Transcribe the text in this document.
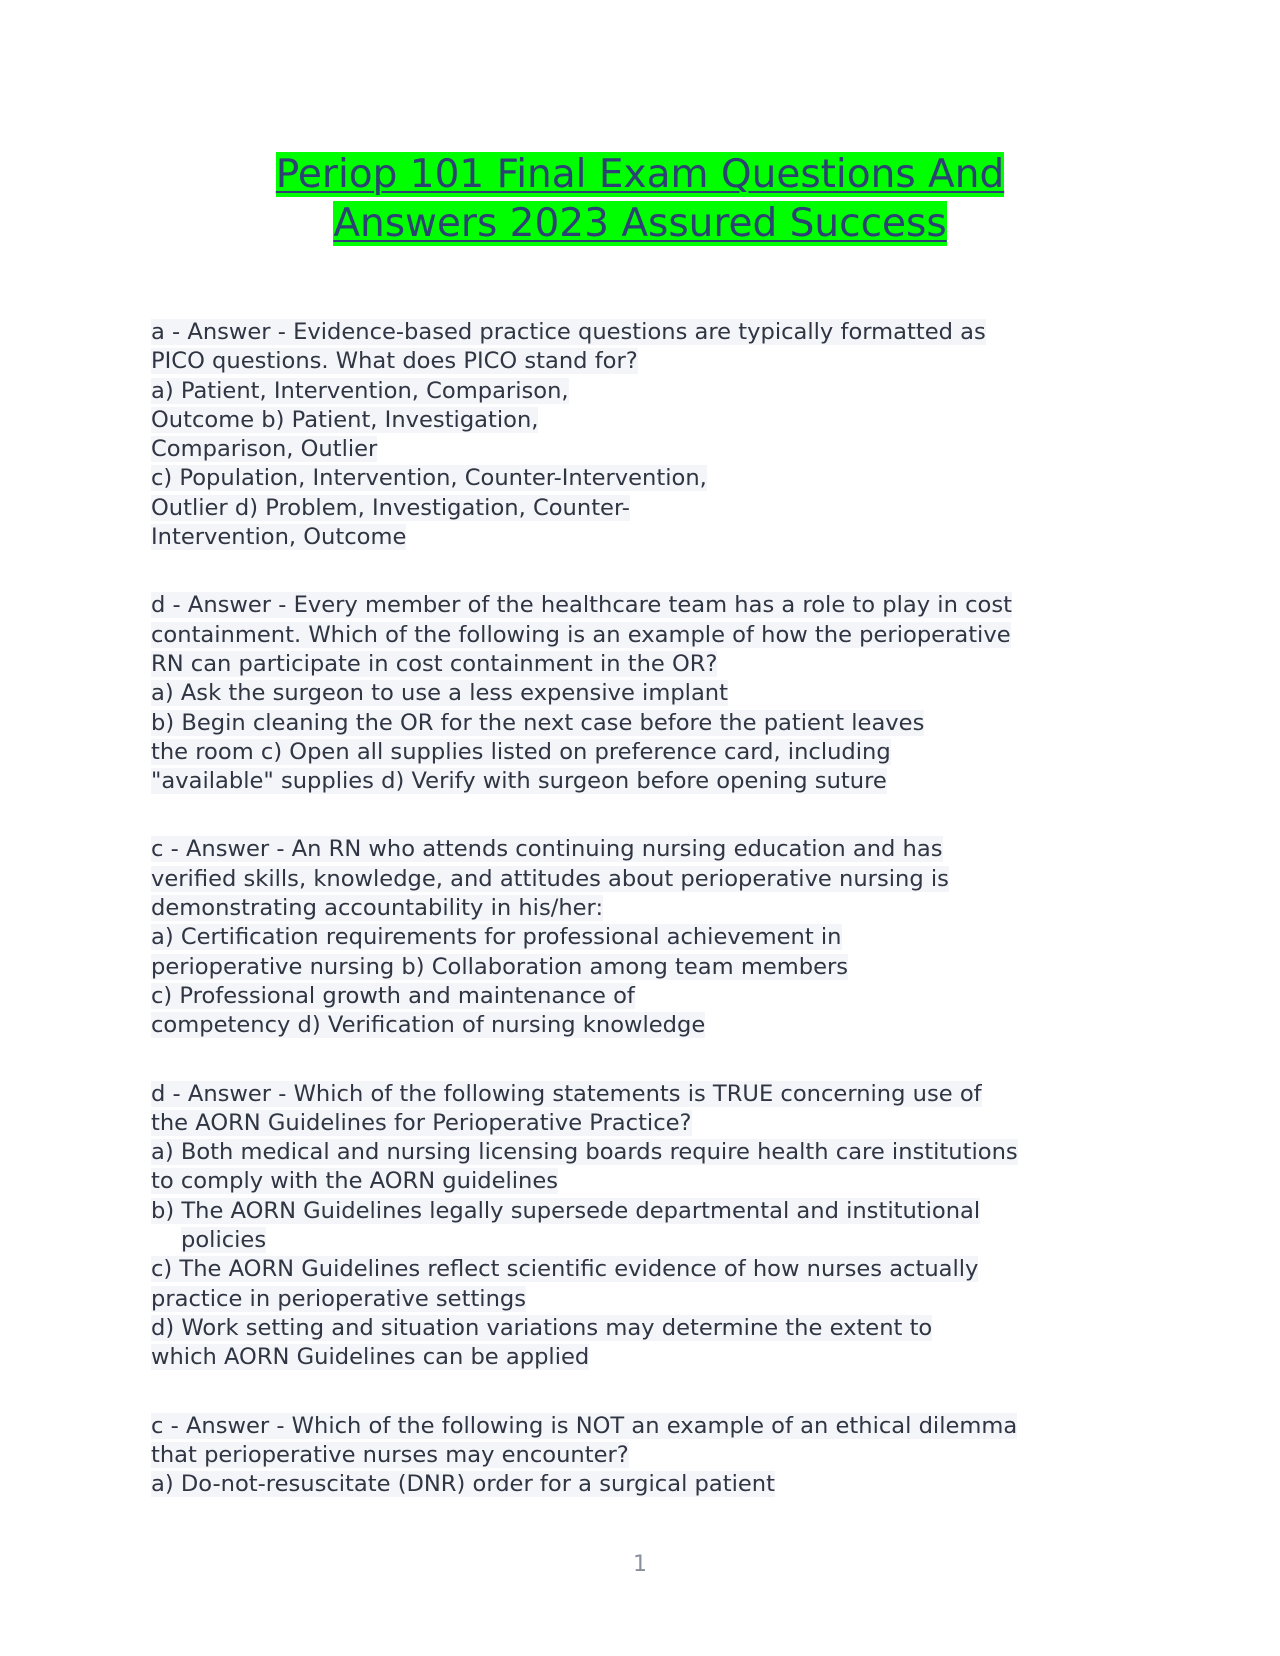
Periop 101 Final Exam Questions And
Answers 2023 Assured Success
a - Answer - Evidence-based practice questions are typically formatted as
PICO questions. What does PICO stand for?
a) Patient, Intervention, Comparison,
Outcome b) Patient, Investigation,
Comparison, Outlier
c) Population, Intervention, Counter-Intervention,
Outlier d) Problem, Investigation, Counter-
Intervention, Outcome
d - Answer - Every member of the healthcare team has a role to play in cost
containment. Which of the following is an example of how the perioperative
RN can participate in cost containment in the OR?
a) Ask the surgeon to use a less expensive implant
b) Begin cleaning the OR for the next case before the patient leaves
the room c) Open all supplies listed on preference card, including
"available" supplies d) Verify with surgeon before opening suture
c - Answer - An RN who attends continuing nursing education and has
verified skills, knowledge, and attitudes about perioperative nursing is
demonstrating accountability in his/her:
a) Certification requirements for professional achievement in
perioperative nursing b) Collaboration among team members
c) Professional growth and maintenance of
competency d) Verification of nursing knowledge
d - Answer - Which of the following statements is TRUE concerning use of
the AORN Guidelines for Perioperative Practice?
a) Both medical and nursing licensing boards require health care institutions
to comply with the AORN guidelines
b) The AORN Guidelines legally supersede departmental and institutional
policies
c) The AORN Guidelines reflect scientific evidence of how nurses actually
practice in perioperative settings
d) Work setting and situation variations may determine the extent to
which AORN Guidelines can be applied
c - Answer - Which of the following is NOT an example of an ethical dilemma
that perioperative nurses may encounter?
a) Do-not-resuscitate (DNR) order for a surgical patient
1
